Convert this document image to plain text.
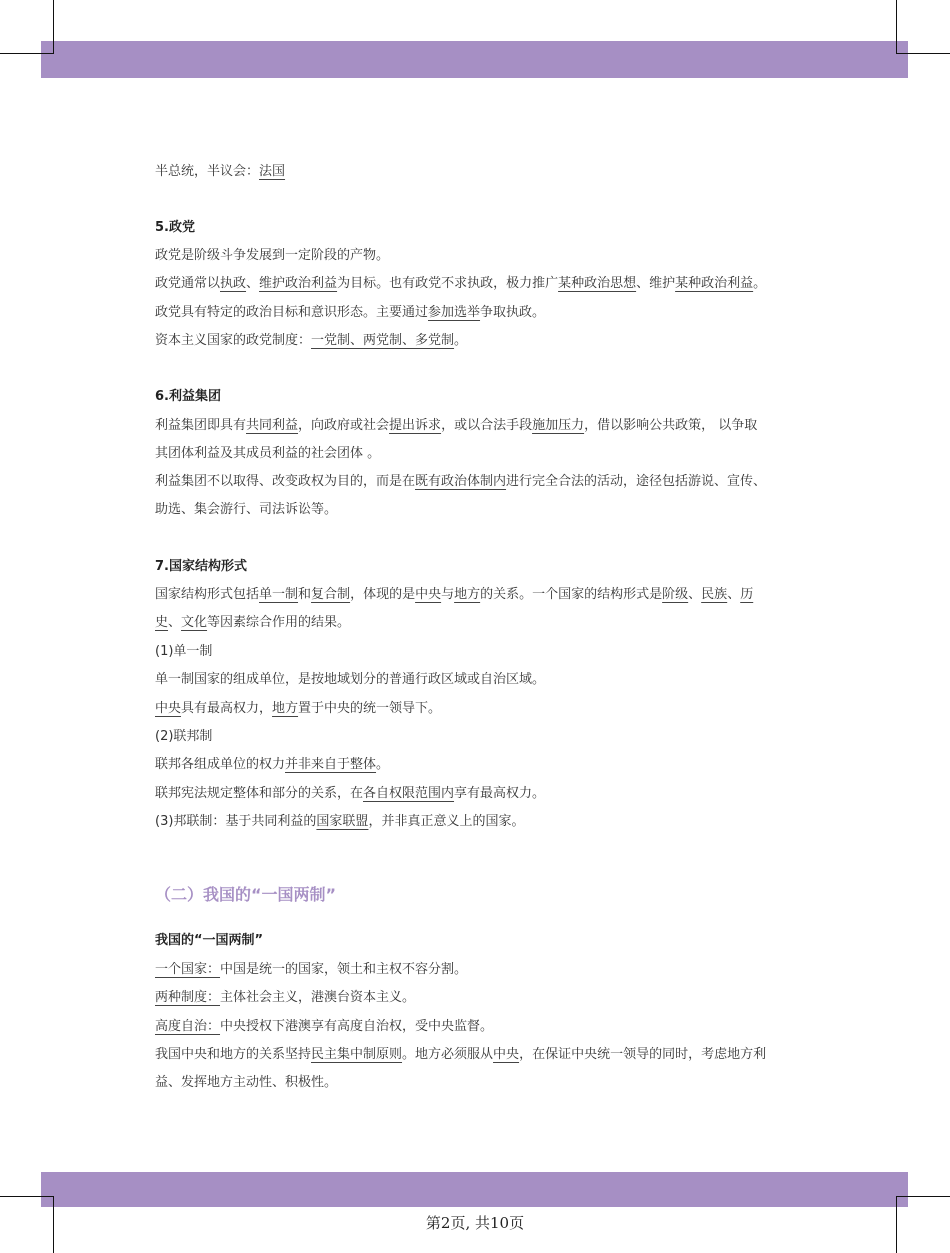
半总统，半议会：法国
5.政党
政党是阶级斗争发展到一定阶段的产物。
政党通常以执政、维护政治利益为目标。也有政党不求执政，极力推广某种政治思想、维护某种政治利益。
政党具有特定的政治目标和意识形态。主要通过参加选举争取执政。
资本主义国家的政党制度：一党制、两党制、多党制。
6.利益集团
利益集团即具有共同利益，向政府或社会提出诉求，或以合法手段施加压力，借以影响公共政策， 以争取
其团体利益及其成员利益的社会团体 。
利益集团不以取得、改变政权为目的，而是在既有政治体制内进行完全合法的活动，途径包括游说、宣传、
助选、集会游行、司法诉讼等。
7.国家结构形式
国家结构形式包括单一制和复合制，体现的是中央与地方的关系。一个国家的结构形式是阶级、民族、历
史、文化等因素综合作用的结果。
(1)单一制
单一制国家的组成单位，是按地域划分的普通行政区域或自治区域。
中央具有最高权力，地方置于中央的统一领导下。
(2)联邦制
联邦各组成单位的权力并非来自于整体。
联邦宪法规定整体和部分的关系，在各自权限范围内享有最高权力。
(3)邦联制：基于共同利益的国家联盟，并非真正意义上的国家。
（二）我国的“一国两制”
我国的“一国两制”
一个国家：中国是统一的国家，领土和主权不容分割。
两种制度：主体社会主义，港澳台资本主义。
高度自治：中央授权下港澳享有高度自治权，受中央监督。
我国中央和地方的关系坚持民主集中制原则。地方必须服从中央，在保证中央统一领导的同时，考虑地方利
益、发挥地方主动性、积极性。
第2页, 共10页
